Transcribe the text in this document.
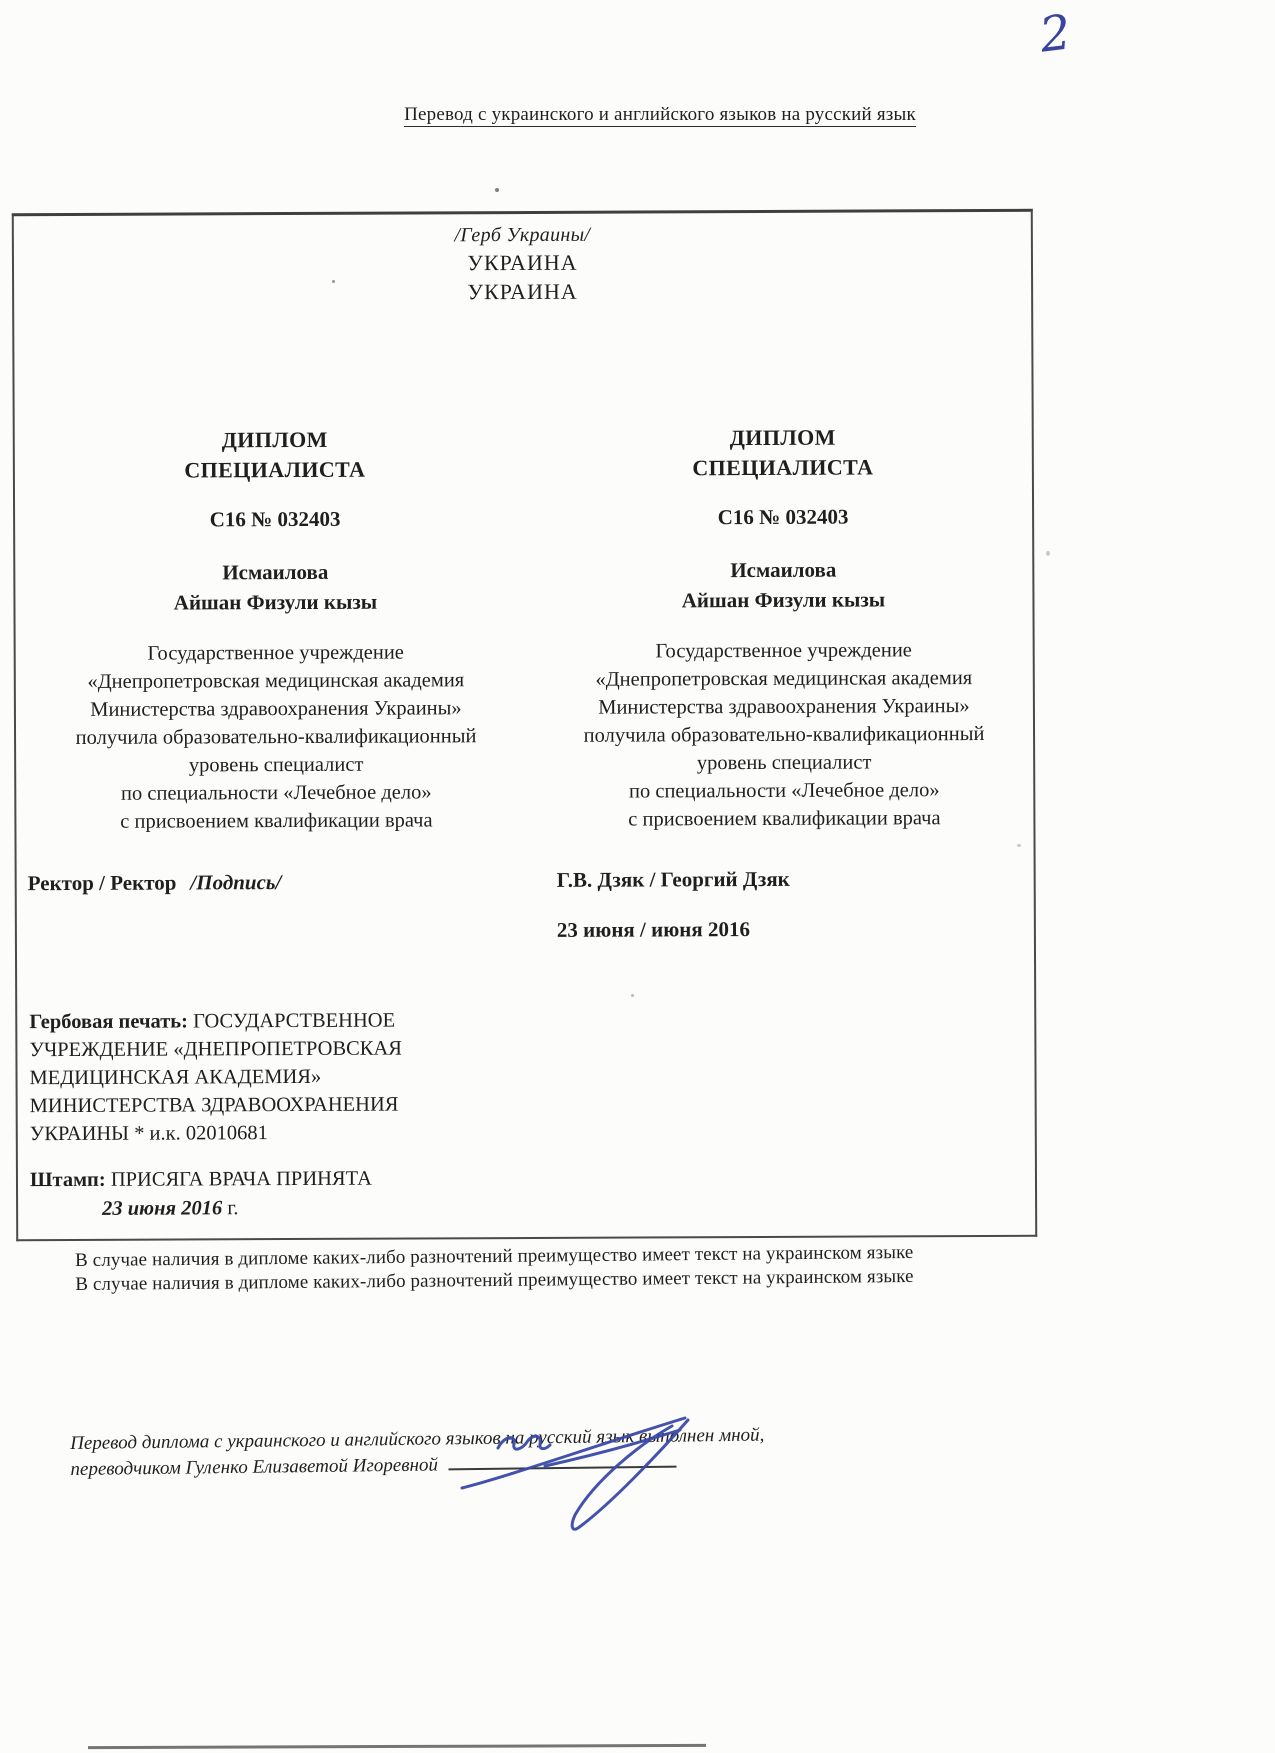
2
Перевод с украинского и английского языков на русский язык
/Герб Украины/
УКРАИНА
УКРАИНА
ДИПЛОМ
СПЕЦИАЛИСТА
С16 № 032403
Исмаилова
Айшан Физули кызы
Государственное учреждение
«Днепропетровская медицинская академия
Министерства здравоохранения Украины»
получила образовательно-квалификационный
уровень специалист
по специальности «Лечебное дело»
с присвоением квалификации врача
ДИПЛОМ
СПЕЦИАЛИСТА
С16 № 032403
Исмаилова
Айшан Физули кызы
Государственное учреждение
«Днепропетровская медицинская академия
Министерства здравоохранения Украины»
получила образовательно-квалификационный
уровень специалист
по специальности «Лечебное дело»
с присвоением квалификации врача
Ректор / Ректор /Подпись/	Г.В. Дзяк / Георгий Дзяк
23 июня / июня 2016
Гербовая печать: ГОСУДАРСТВЕННОЕ
УЧРЕЖДЕНИЕ «ДНЕПРОПЕТРОВСКАЯ
МЕДИЦИНСКАЯ АКАДЕМИЯ»
МИНИСТЕРСТВА ЗДРАВООХРАНЕНИЯ
УКРАИНЫ * и.к. 02010681
Штамп: ПРИСЯГА ВРАЧА ПРИНЯТА
23 июня 2016 г.
В случае наличия в дипломе каких-либо разночтений преимущество имеет текст на украинском языке
В случае наличия в дипломе каких-либо разночтений преимущество имеет текст на украинском языке
Перевод диплома с украинского и английского языков на русский язык выполнен мной,
переводчиком Гуленко Елизаветой Игоревной
